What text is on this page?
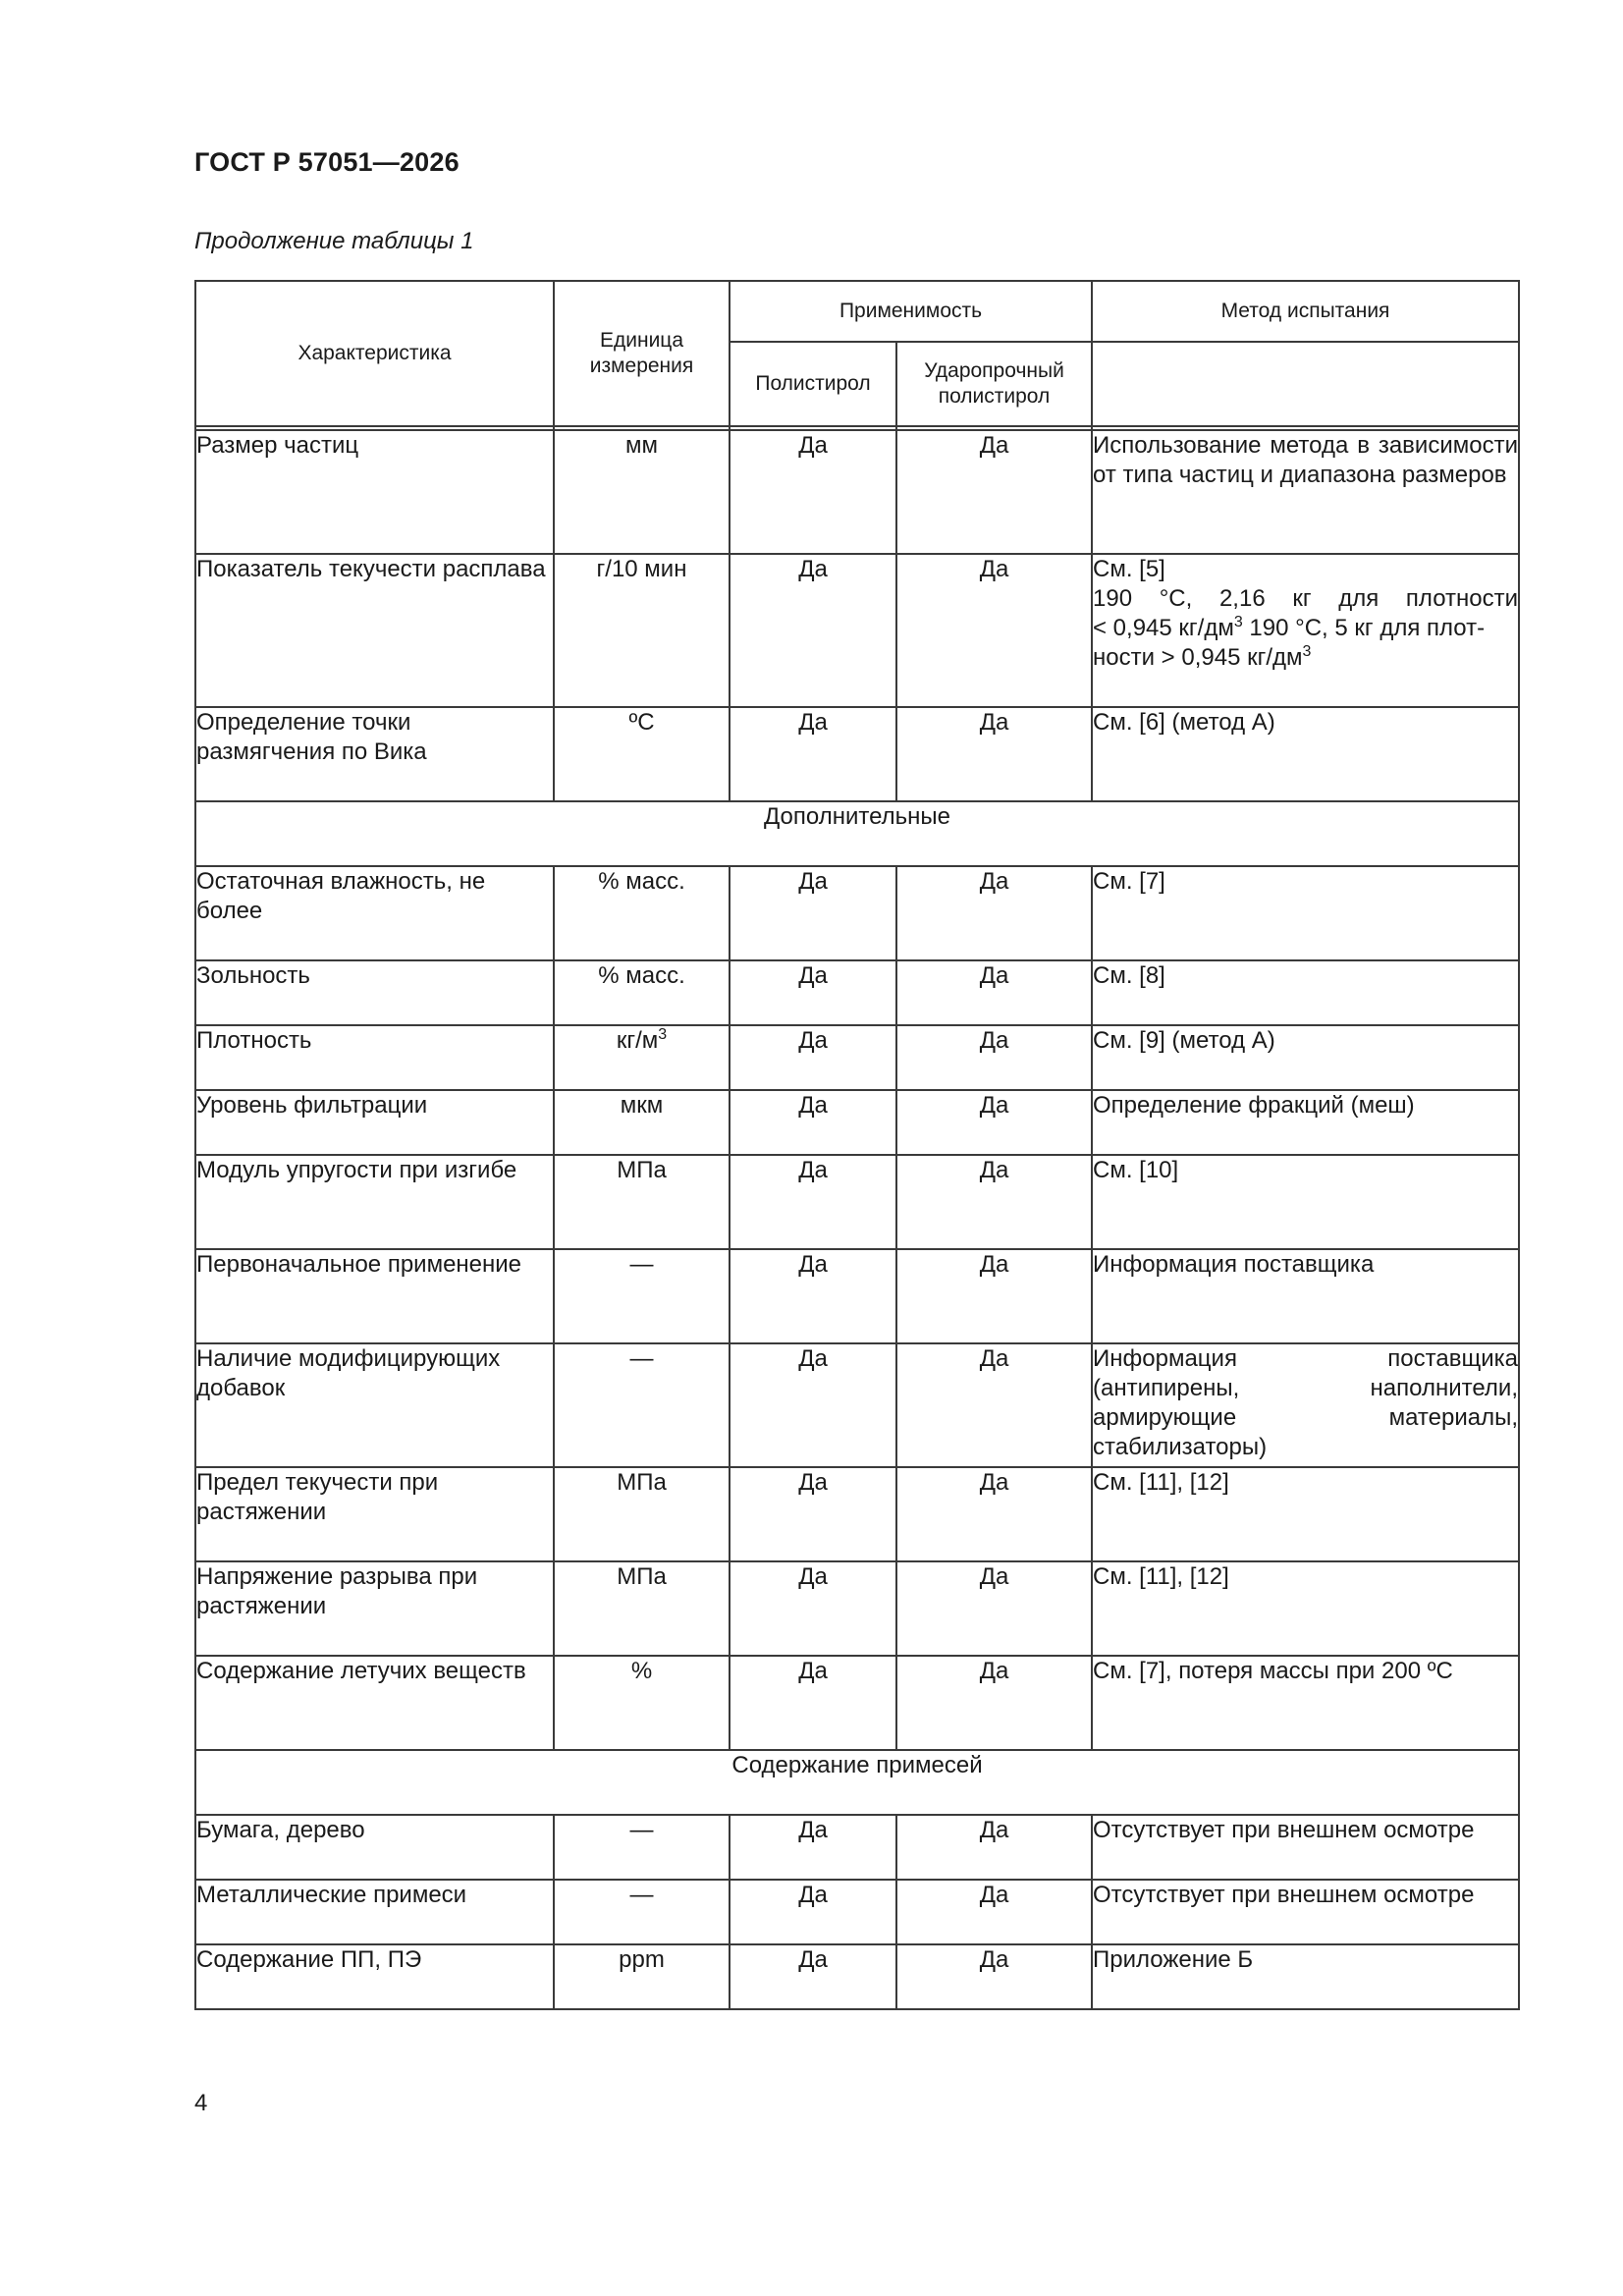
ГОСТ Р 57051—2026
Продолжение таблицы 1
Характеристика	Единица измерения	Применимость		Метод испытания
		Полистирол	Ударопрочный полистирол	

Размер частиц	мм	Да	Да	Использование метода в зависимости от типа частиц и диапазона размеров
Показатель текучести расплава	г/10 мин	Да	Да	См. [5]
190 °С, 2,16 кг для плотности
< 0,945 $кг/дм^3$ 190 °С, 5 кг для плот-
ности > 0,945 $кг/дм^3$

Определение точки размягчения по Вика	ºС	Да	Да	См. [6] (метод А)
Дополнительные				
Остаточная влажность, не более	% масс.	Да	Да	См. [7]
Зольность	% масс.	Да	Да	См. [8]
Плотность	$кг/м^3$	Да	Да	См. [9] (метод А)
Уровень фильтрации	мкм	Да	Да	Определение фракций (меш)
Модуль упругости при изгибе	МПа	Да	Да	См. [10]
Первоначальное применение	—	Да	Да	Информация поставщика
Наличие модифицирующих добавок	—	Да	Да	Информация поставщика (антипирены, наполнители, армирующие материалы, стабилизаторы)
Предел текучести при растяжении	МПа	Да	Да	См. [11], [12]
Напряжение разрыва при растяжении	МПа	Да	Да	См. [11], [12]
Содержание летучих веществ	%	Да	Да	См. [7], потеря массы при 200 ºС
Содержание примесей				
Бумага, дерево	—	Да	Да	Отсутствует при внешнем осмотре
Металлические примеси	—	Да	Да	Отсутствует при внешнем осмотре
Содержание ПП, ПЭ	ppm	Да	Да	Приложение Б
4
